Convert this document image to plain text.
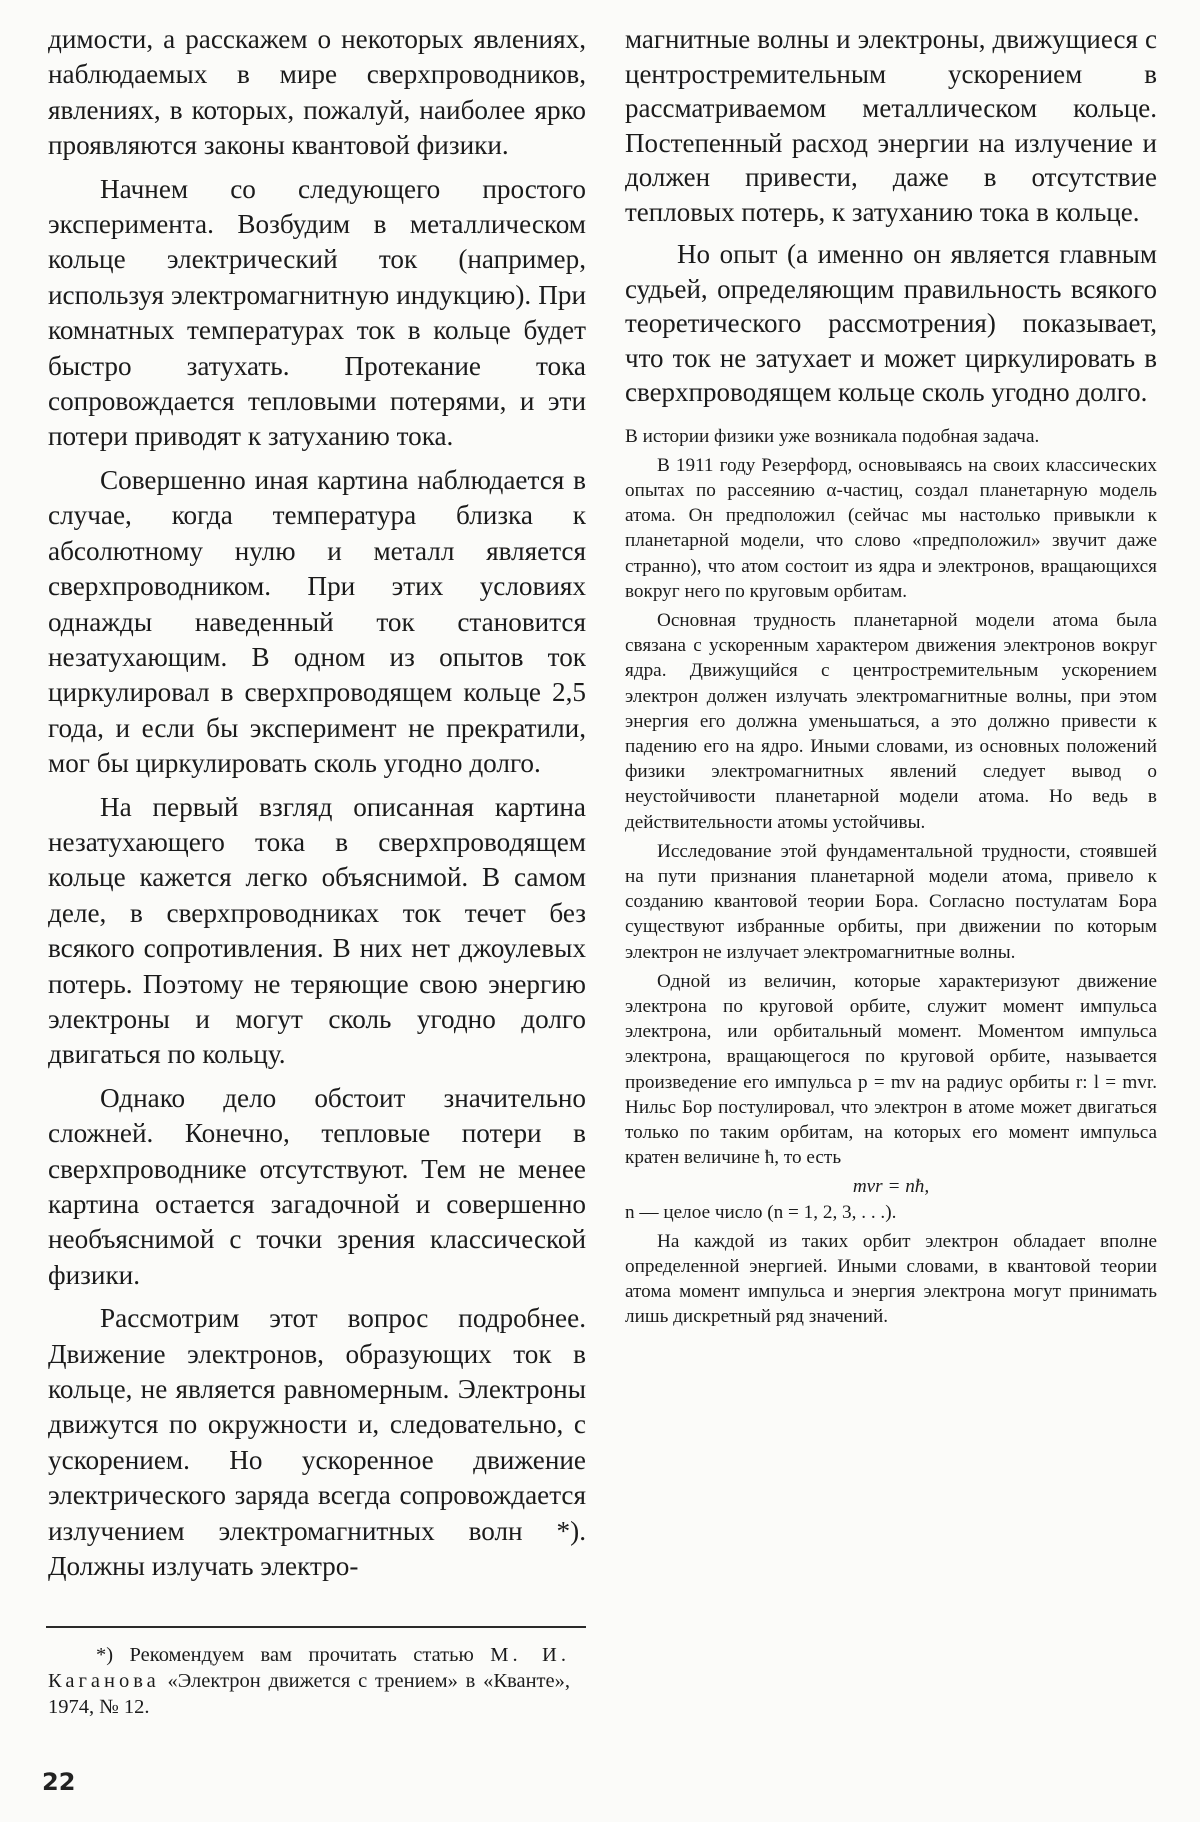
димости, а расскажем о некоторых явлениях, наблюдаемых в мире сверхпроводников, явлениях, в которых, пожалуй, наиболее ярко проявляются законы квантовой физики.

Начнем со следующего простого эксперимента. Возбудим в металлическом кольце электрический ток (например, используя электромагнитную индукцию). При комнатных температурах ток в кольце будет быстро затухать. Протекание тока сопровождается тепловыми потерями, и эти потери приводят к затуханию тока.

Совершенно иная картина наблюдается в случае, когда температура близка к абсолютному нулю и металл является сверхпроводником. При этих условиях однажды наведенный ток становится незатухающим. В одном из опытов ток циркулировал в сверхпроводящем кольце 2,5 года, и если бы эксперимент не прекратили, мог бы циркулировать сколь угодно долго.

На первый взгляд описанная картина незатухающего тока в сверхпроводящем кольце кажется легко объяснимой. В самом деле, в сверхпроводниках ток течет без всякого сопротивления. В них нет джоулевых потерь. Поэтому не теряющие свою энергию электроны и могут сколь угодно долго двигаться по кольцу.

Однако дело обстоит значительно сложней. Конечно, тепловые потери в сверхпроводнике отсутствуют. Тем не менее картина остается загадочной и совершенно необъяснимой с точки зрения классической физики.

Рассмотрим этот вопрос подробнее. Движение электронов, образующих ток в кольце, не является равномерным. Электроны движутся по окружности и, следовательно, с ускорением. Но ускоренное движение электрического заряда всегда сопровождается излучением электромагнитных волн *). Должны излучать электро-

магнитные волны и электроны, движущиеся с центростремительным ускорением в рассматриваемом металлическом кольце. Постепенный расход энергии на излучение и должен привести, даже в отсутствие тепловых потерь, к затуханию тока в кольце.

Но опыт (а именно он является главным судьей, определяющим правильность всякого теоретического рассмотрения) показывает, что ток не затухает и может циркулировать в сверхпроводящем кольце сколь угодно долго.

В истории физики уже возникала подобная задача.

В 1911 году Резерфорд, основываясь на своих классических опытах по рассеянию α-частиц, создал планетарную модель атома. Он предположил (сейчас мы настолько привыкли к планетарной модели, что слово «предположил» звучит даже странно), что атом состоит из ядра и электронов, вращающихся вокруг него по круговым орбитам.

Основная трудность планетарной модели атома была связана с ускоренным характером движения электронов вокруг ядра. Движущийся с центростремительным ускорением электрон должен излучать электромагнитные волны, при этом энергия его должна уменьшаться, а это должно привести к падению его на ядро. Иными словами, из основных положений физики электромагнитных явлений следует вывод о неустойчивости планетарной модели атома. Но ведь в действительности атомы устойчивы.

Исследование этой фундаментальной трудности, стоявшей на пути признания планетарной модели атома, привело к созданию квантовой теории Бора. Согласно постулатам Бора существуют избранные орбиты, при движении по которым электрон не излучает электромагнитные волны.

Одной из величин, которые характеризуют движение электрона по круговой орбите, служит момент импульса электрона, или орбитальный момент. Моментом импульса электрона, вращающегося по круговой орбите, называется произведение его импульса p = mv на радиус орбиты r: l = mvr. Нильс Бор постулировал, что электрон в атоме может двигаться только по таким орбитам, на которых его момент импульса кратен величине ħ, то есть

mvr = nħ,

n — целое число (n = 1, 2, 3, . . .).

На каждой из таких орбит электрон обладает вполне определенной энергией. Иными словами, в квантовой теории атома момент импульса и энергия электрона могут принимать лишь дискретный ряд значений.

*) Рекомендуем вам прочитать статью М. И. Каганова «Электрон движется с трением» в «Кванте», 1974, № 12.

22
